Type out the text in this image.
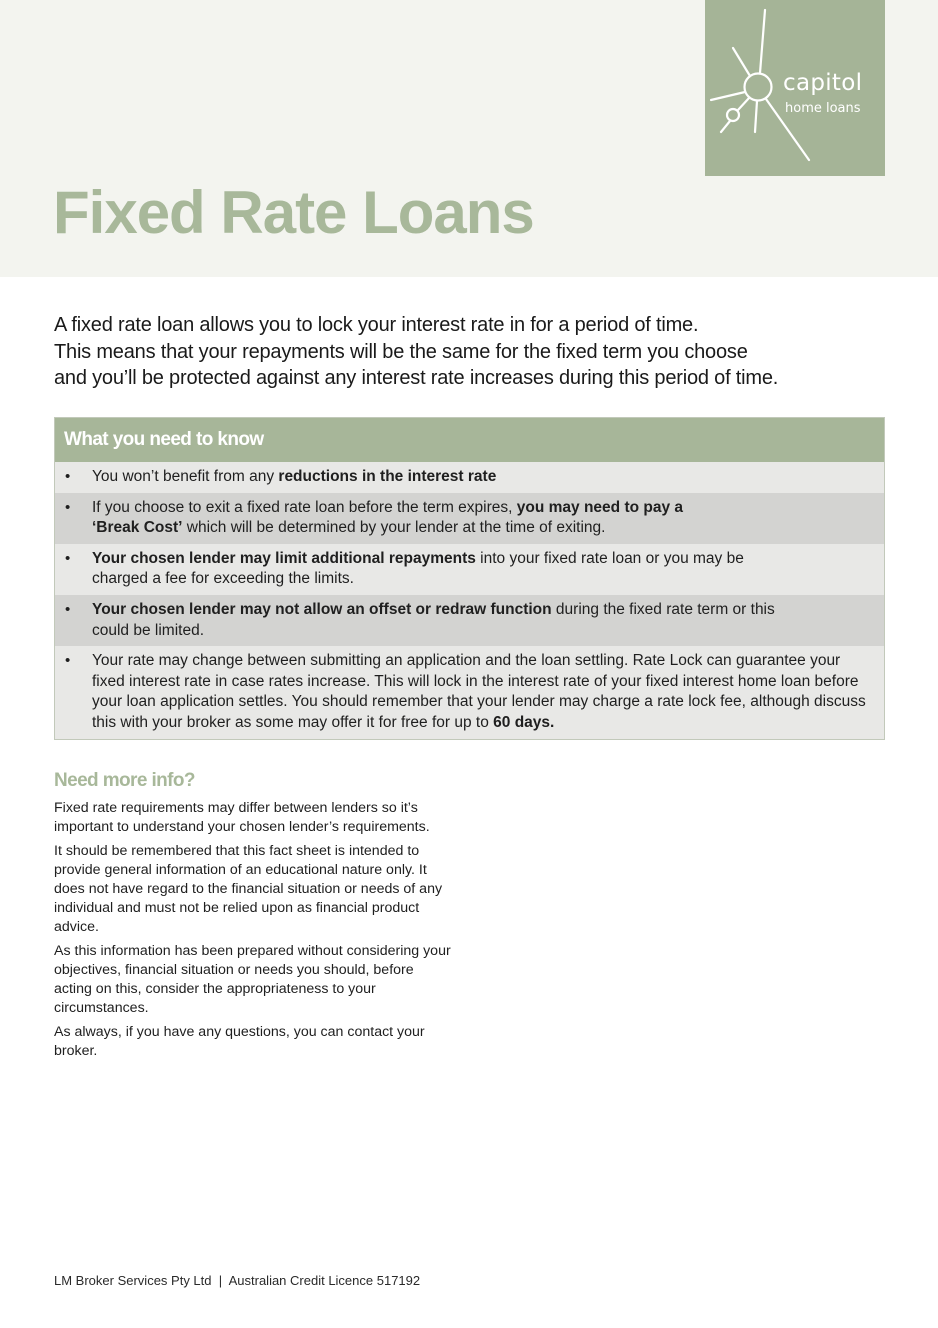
capitol
home loans
Fixed Rate Loans

A fixed rate loan allows you to lock your interest rate in for a period of time.
This means that your repayments will be the same for the fixed term you choose
and you’ll be protected against any interest rate increases during this period of time.

What you need to know
• You won’t benefit from any reductions in the interest rate
• If you choose to exit a fixed rate loan before the term expires, you may need to pay a ‘Break Cost’ which will be determined by your lender at the time of exiting.
• Your chosen lender may limit additional repayments into your fixed rate loan or you may be charged a fee for exceeding the limits.
• Your chosen lender may not allow an offset or redraw function during the fixed rate term or this could be limited.
• Your rate may change between submitting an application and the loan settling. Rate Lock can guarantee your fixed interest rate in case rates increase. This will lock in the interest rate of your fixed interest home loan before your loan application settles. You should remember that your lender may charge a rate lock fee, although discuss this with your broker as some may offer it for free for up to 60 days.
Need more info?

Fixed rate requirements may differ between lenders so it’s important to understand your chosen lender’s requirements.

It should be remembered that this fact sheet is intended to provide general information of an educational nature only. It does not have regard to the financial situation or needs of any individual and must not be relied upon as financial product advice.

As this information has been prepared without considering your objectives, financial situation or needs you should, before acting on this, consider the appropriateness to your circumstances.

As always, if you have any questions, you can contact your broker.

LM Broker Services Pty Ltd  |  Australian Credit Licence 517192
